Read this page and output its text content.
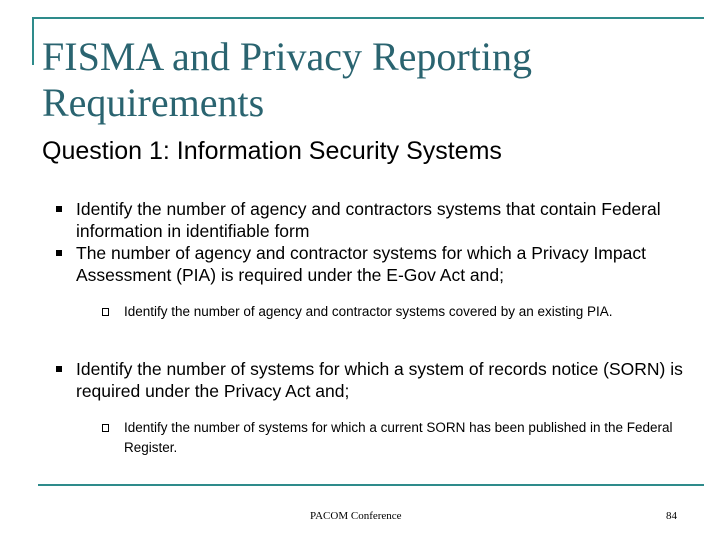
FISMA and Privacy Reporting Requirements
Question 1: Information Security Systems
Identify the number of agency and contractors systems that contain Federal information in identifiable form
The number of agency and contractor systems for which a Privacy Impact Assessment (PIA) is required under the E-Gov Act and;
Identify the number of agency and contractor systems covered by an existing PIA.
Identify the number of systems for which a system of records notice (SORN) is required under the Privacy Act and;
Identify the number of systems for which a current SORN has been published in the Federal Register.
PACOM Conference	84
